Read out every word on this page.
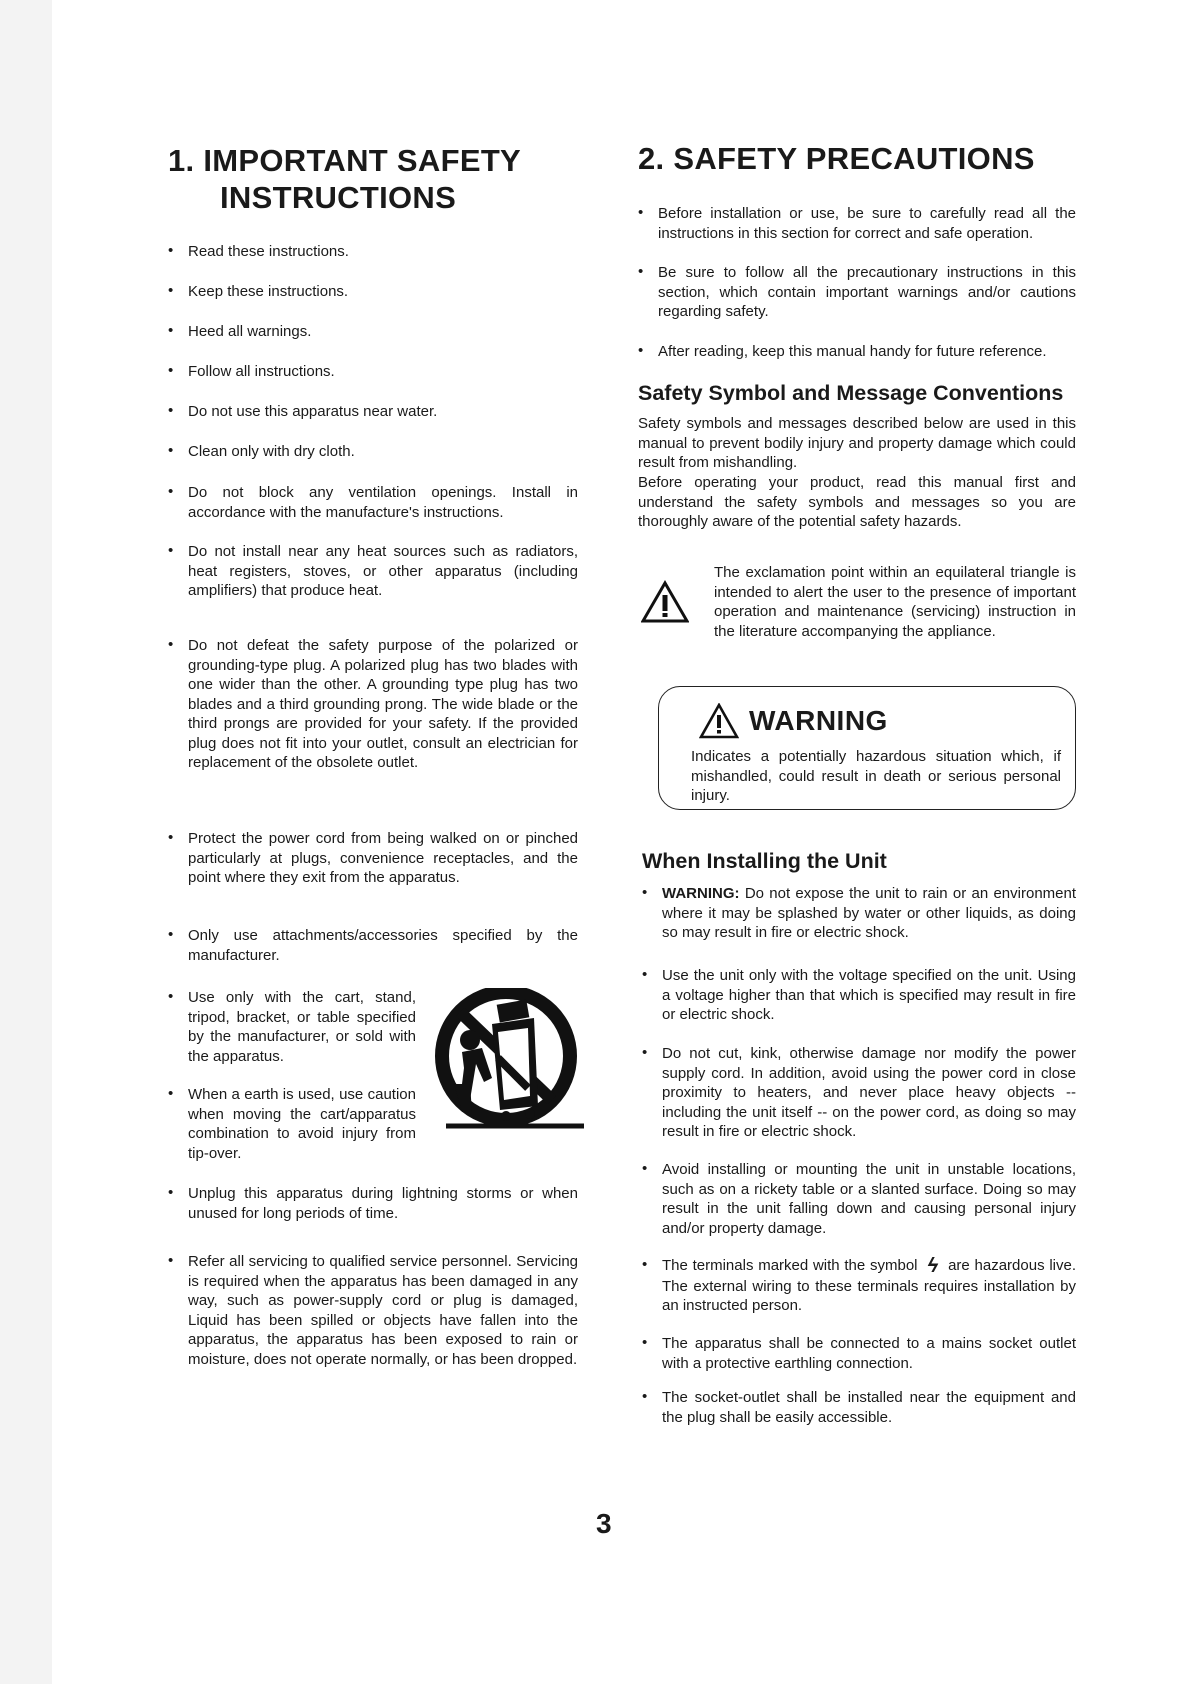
1. IMPORTANT SAFETY
INSTRUCTIONS
• Read these instructions.
• Keep these instructions.
• Heed all warnings.
• Follow all instructions.
• Do not use this apparatus near water.
• Clean only with dry cloth.
• Do not block any ventilation openings. Install in accordance with the manufacture's instructions.
• Do not install near any heat sources such as radiators, heat registers, stoves, or other apparatus (including amplifiers) that produce heat.
• Do not defeat the safety purpose of the polarized or grounding-type plug. A polarized plug has two blades with one wider than the other. A grounding type plug has two blades and a third grounding prong. The wide blade or the third prongs are provided for your safety. If the provided plug does not fit into your outlet, consult an electrician for replacement of the obsolete outlet.
• Protect the power cord from being walked on or pinched particularly at plugs, convenience receptacles, and the point where they exit from the apparatus.
• Only use attachments/accessories specified by the manufacturer.
• Use only with the cart, stand, tripod, bracket, or table specified by the manufacturer, or sold with the apparatus.
• When a earth is used, use caution when moving the cart/apparatus combination to avoid injury from tip-over.
• Unplug this apparatus during lightning storms or when unused for long periods of time.
• Refer all servicing to qualified service personnel. Servicing is required when the apparatus has been damaged in any way, such as power-supply cord or plug is damaged, Liquid has been spilled or objects have fallen into the apparatus, the apparatus has been exposed to rain or moisture, does not operate normally, or has been dropped.
2. SAFETY PRECAUTIONS
• Before installation or use, be sure to carefully read all the instructions in this section for correct and safe operation.
• Be sure to follow all the precautionary instructions in this section, which contain important warnings and/or cautions regarding safety.
• After reading, keep this manual handy for future reference.
Safety Symbol and Message Conventions
Safety symbols and messages described below are used in this manual to prevent bodily injury and property damage which could result from mishandling.
Before operating your product, read this manual first and understand the safety symbols and messages so you are thoroughly aware of the potential safety hazards.
The exclamation point within an equilateral triangle is intended to alert the user to the presence of important operation and maintenance (servicing) instruction in the literature accompanying the appliance.
WARNING
Indicates a potentially hazardous situation which, if mishandled, could result in death or serious personal injury.
When Installing the Unit
• WARNING: Do not expose the unit to rain or an environment where it may be splashed by water or other liquids, as doing so may result in fire or electric shock.
• Use the unit only with the voltage specified on the unit. Using a voltage higher than that which is specified may result in fire or electric shock.
• Do not cut, kink, otherwise damage nor modify the power supply cord. In addition, avoid using the power cord in close proximity to heaters, and never place heavy objects -- including the unit itself -- on the power cord, as doing so may result in fire or electric shock.
• Avoid installing or mounting the unit in unstable locations, such as on a rickety table or a slanted surface. Doing so may result in the unit falling down and causing personal injury and/or property damage.
• The terminals marked with the symbol ϟ are hazardous live. The external wiring to these terminals requires installation by an instructed person.
• The apparatus shall be connected to a mains socket outlet with a protective earthling connection.
• The socket-outlet shall be installed near the equipment and the plug shall be easily accessible.
3
